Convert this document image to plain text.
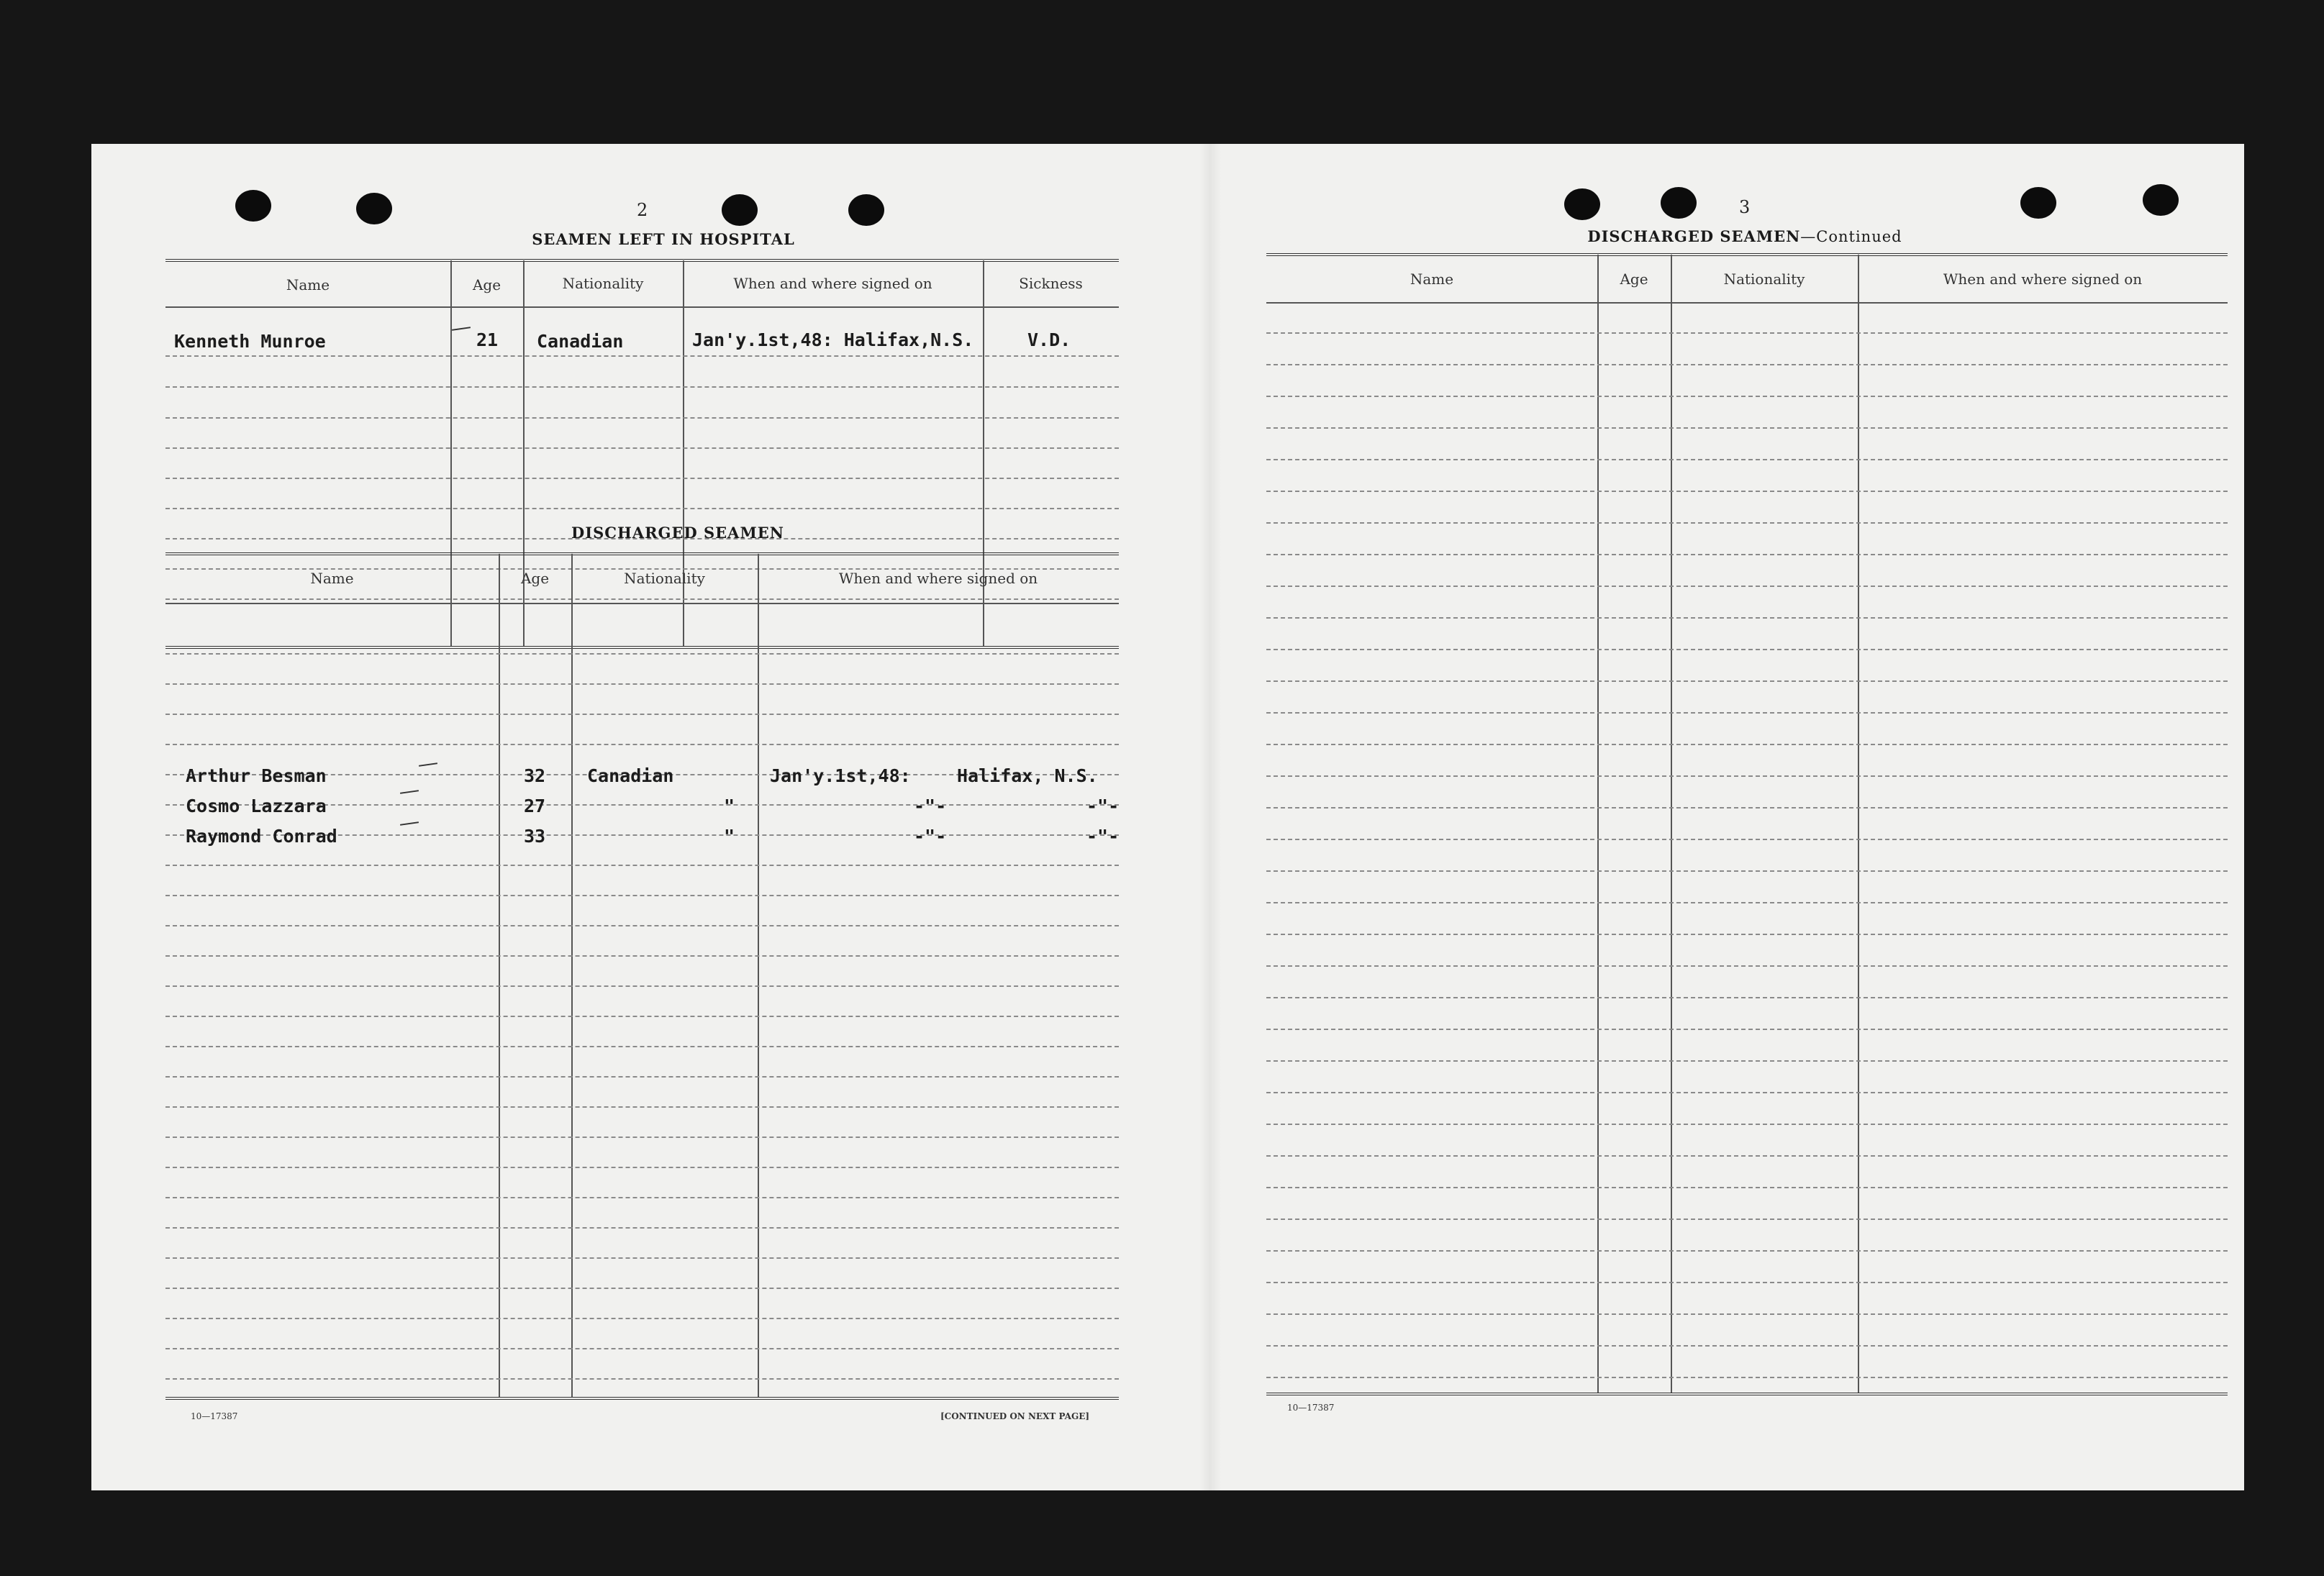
2
SEAMEN LEFT IN HOSPITAL
Name	Age	Nationality	When and where signed on	Sickness
Kenneth Munroe	21 Canadian	Jan'y.1st,48: Halifax,N.S.	V.D.
DISCHARGED SEAMEN
Name	Age	Nationality	When and where signed on
Arthur Besman	32 Canadian	Jan'y.1st,48:	Halifax, N.S.
Cosmo Lazzara	27	"	-"-	-"-
Raymond Conrad	33	"	-"-	-"-
10—17387	[CONTINUED ON NEXT PAGE]
3
DISCHARGED SEAMEN—Continued
Name	Age	Nationality	When and where signed on
10—17387
